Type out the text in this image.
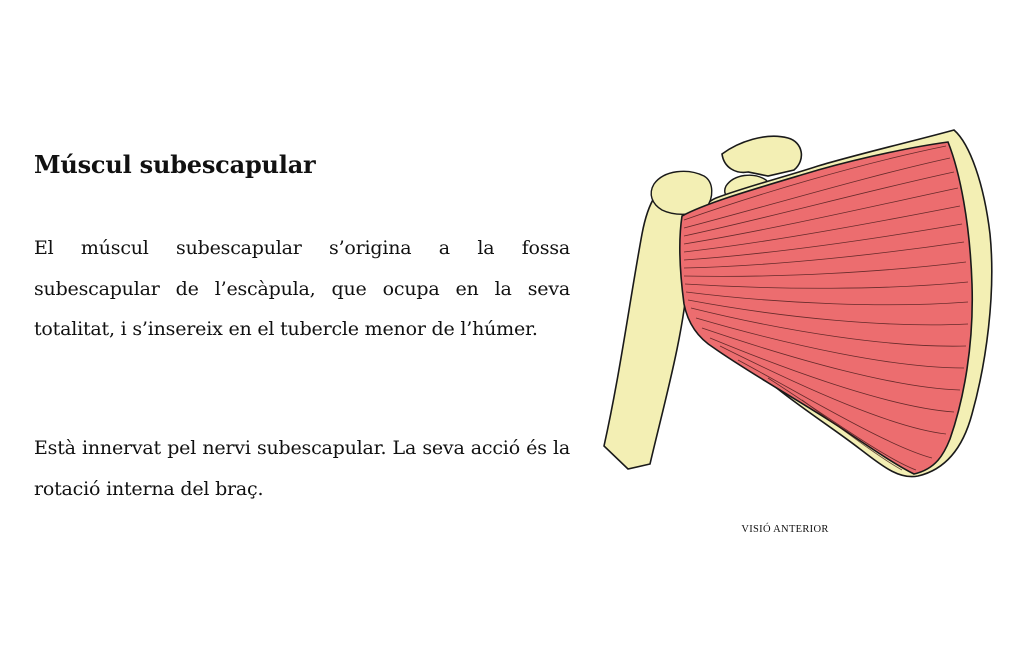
Múscul subescapular

El múscul subescapular s’origina a la fossa subescapular de l’escàpula, que ocupa en la seva totalitat, i s’insereix en el tubercle menor de l’húmer.

Està innervat pel nervi subescapular. La seva acció és la rotació interna del braç.

VISIÓ ANTERIOR
